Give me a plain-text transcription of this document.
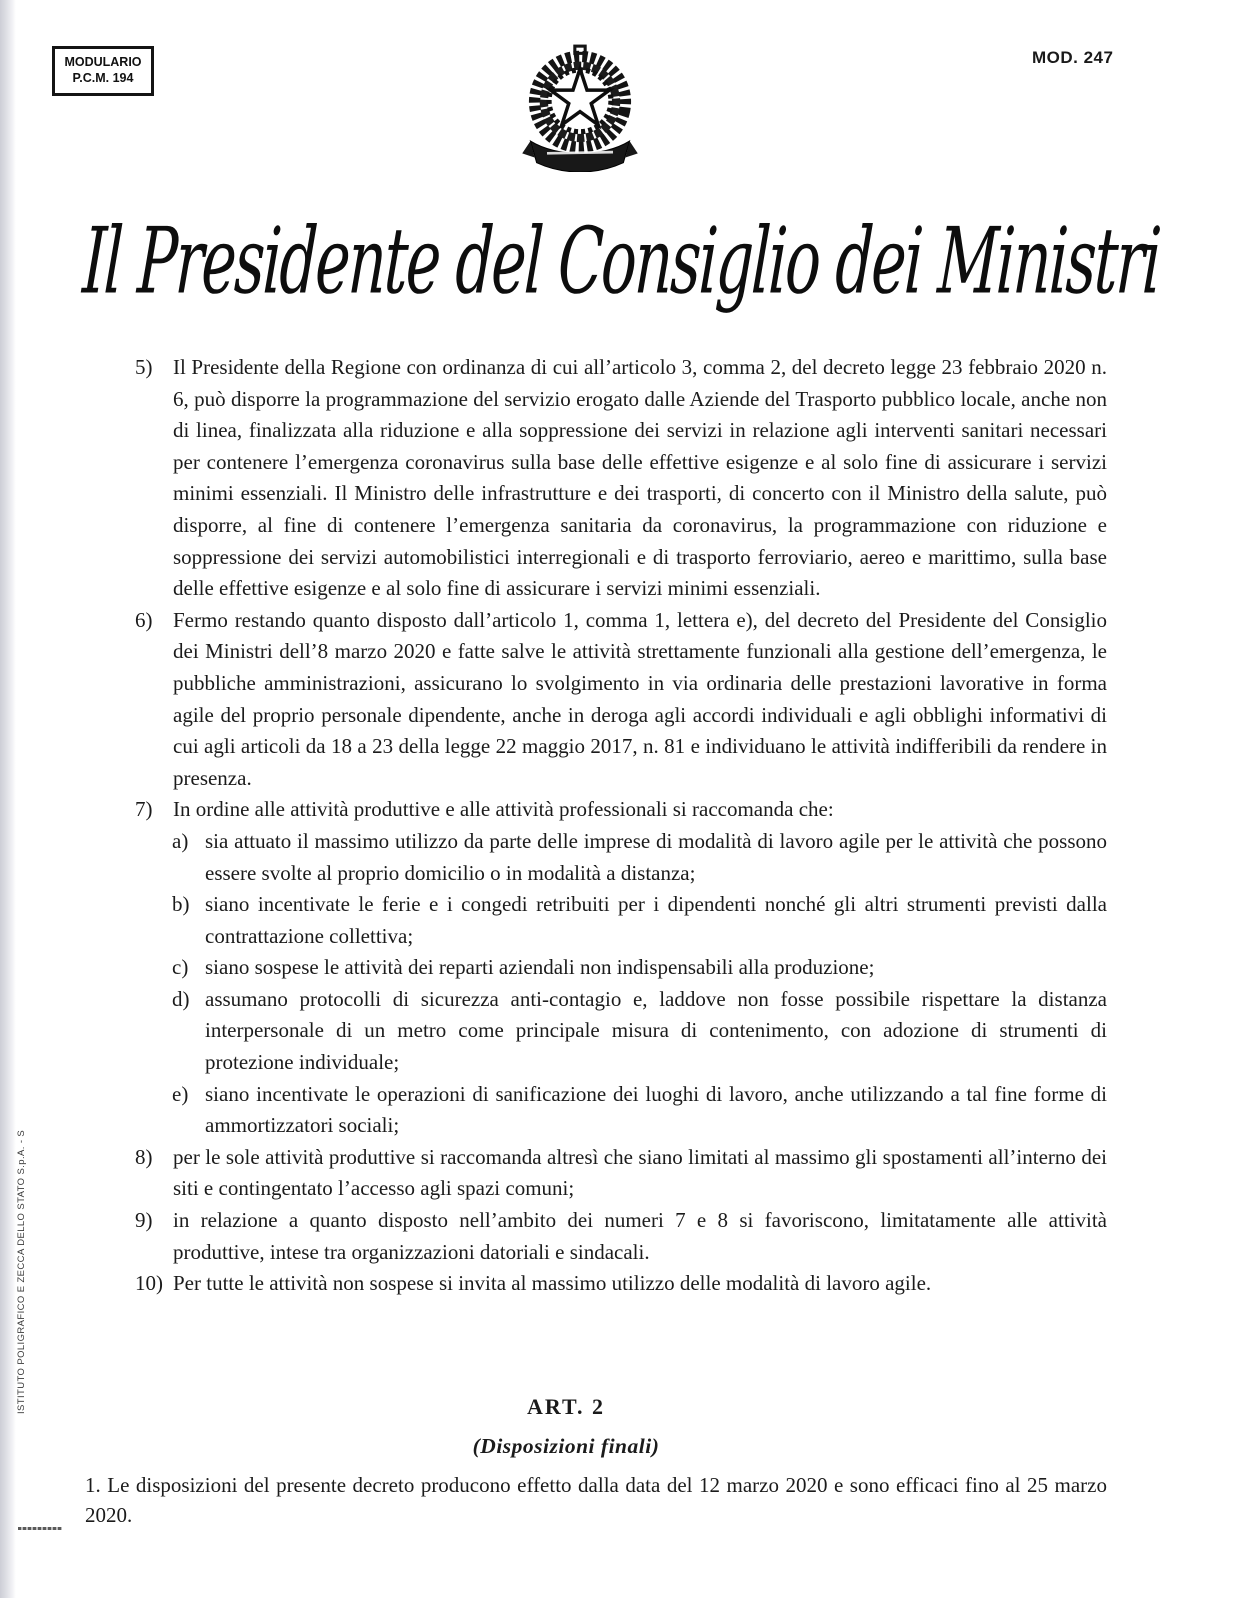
MODULARIO
P.C.M. 194
MOD. 247
Il Presidente del Consiglio dei Ministri

5) Il Presidente della Regione con ordinanza di cui all’articolo 3, comma 2, del decreto legge 23 febbraio 2020 n. 6, può disporre la programmazione del servizio erogato dalle Aziende del Trasporto pubblico locale, anche non di linea, finalizzata alla riduzione e alla soppressione dei servizi in relazione agli interventi sanitari necessari per contenere l’emergenza coronavirus sulla base delle effettive esigenze e al solo fine di assicurare i servizi minimi essenziali. Il Ministro delle infrastrutture e dei trasporti, di concerto con il Ministro della salute, può disporre, al fine di contenere l’emergenza sanitaria da coronavirus, la programmazione con riduzione e soppressione dei servizi automobilistici interregionali e di trasporto ferroviario, aereo e marittimo, sulla base delle effettive esigenze e al solo fine di assicurare i servizi minimi essenziali.

6) Fermo restando quanto disposto dall’articolo 1, comma 1, lettera e), del decreto del Presidente del Consiglio dei Ministri dell’8 marzo 2020 e fatte salve le attività strettamente funzionali alla gestione dell’emergenza, le pubbliche amministrazioni, assicurano lo svolgimento in via ordinaria delle prestazioni lavorative in forma agile del proprio personale dipendente, anche in deroga agli accordi individuali e agli obblighi informativi di cui agli articoli da 18 a 23 della legge 22 maggio 2017, n. 81 e individuano le attività indifferibili da rendere in presenza.

7) In ordine alle attività produttive e alle attività professionali si raccomanda che:

a) sia attuato il massimo utilizzo da parte delle imprese di modalità di lavoro agile per le attività che possono essere svolte al proprio domicilio o in modalità a distanza;

b) siano incentivate le ferie e i congedi retribuiti per i dipendenti nonché gli altri strumenti previsti dalla contrattazione collettiva;

c) siano sospese le attività dei reparti aziendali non indispensabili alla produzione;

d) assumano protocolli di sicurezza anti-contagio e, laddove non fosse possibile rispettare la distanza interpersonale di un metro come principale misura di contenimento, con adozione di strumenti di protezione individuale;

e) siano incentivate le operazioni di sanificazione dei luoghi di lavoro, anche utilizzando a tal fine forme di ammortizzatori sociali;

8) per le sole attività produttive si raccomanda altresì che siano limitati al massimo gli spostamenti all’interno dei siti e contingentato l’accesso agli spazi comuni;

9) in relazione a quanto disposto nell’ambito dei numeri 7 e 8 si favoriscono, limitatamente alle attività produttive, intese tra organizzazioni datoriali e sindacali.

10) Per tutte le attività non sospese si invita al massimo utilizzo delle modalità di lavoro agile.

ART. 2

(Disposizioni finali)

1. Le disposizioni del presente decreto producono effetto dalla data del 12 marzo 2020 e sono efficaci fino al 25 marzo 2020.

ISTITUTO POLIGRAFICO E ZECCA DELLO STATO S.p.A. - S
